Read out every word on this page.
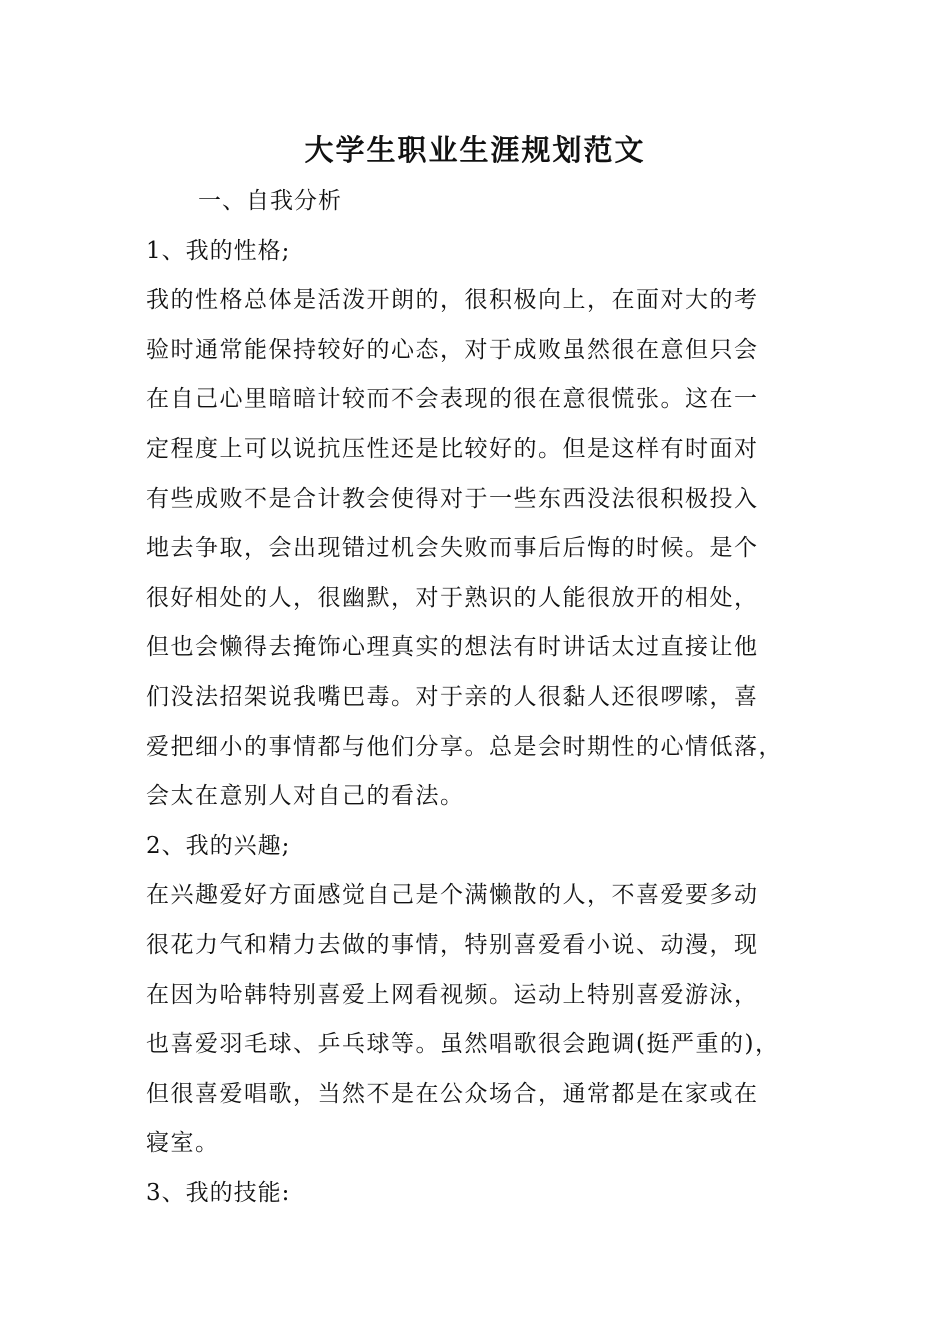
大学生职业生涯规划范文
一、自我分析
1、我的性格;

我的性格总体是活泼开朗的，很积极向上，在面对大的考
验时通常能保持较好的心态，对于成败虽然很在意但只会
在自己心里暗暗计较而不会表现的很在意很慌张。这在一
定程度上可以说抗压性还是比较好的。但是这样有时面对
有些成败不是合计教会使得对于一些东西没法很积极投入
地去争取，会出现错过机会失败而事后后悔的时候。是个
很好相处的人，很幽默，对于熟识的人能很放开的相处，
但也会懒得去掩饰心理真实的想法有时讲话太过直接让他
们没法招架说我嘴巴毒。对于亲的人很黏人还很啰嗦，喜
爱把细小的事情都与他们分享。总是会时期性的心情低落，
会太在意别人对自己的看法。

2、我的兴趣;

在兴趣爱好方面感觉自己是个满懒散的人，不喜爱要多动
很花力气和精力去做的事情，特别喜爱看小说、动漫，现
在因为哈韩特别喜爱上网看视频。运动上特别喜爱游泳，
也喜爱羽毛球、乒乓球等。虽然唱歌很会跑调(挺严重的)，
但很喜爱唱歌，当然不是在公众场合，通常都是在家或在
寝室。

3、我的技能:
